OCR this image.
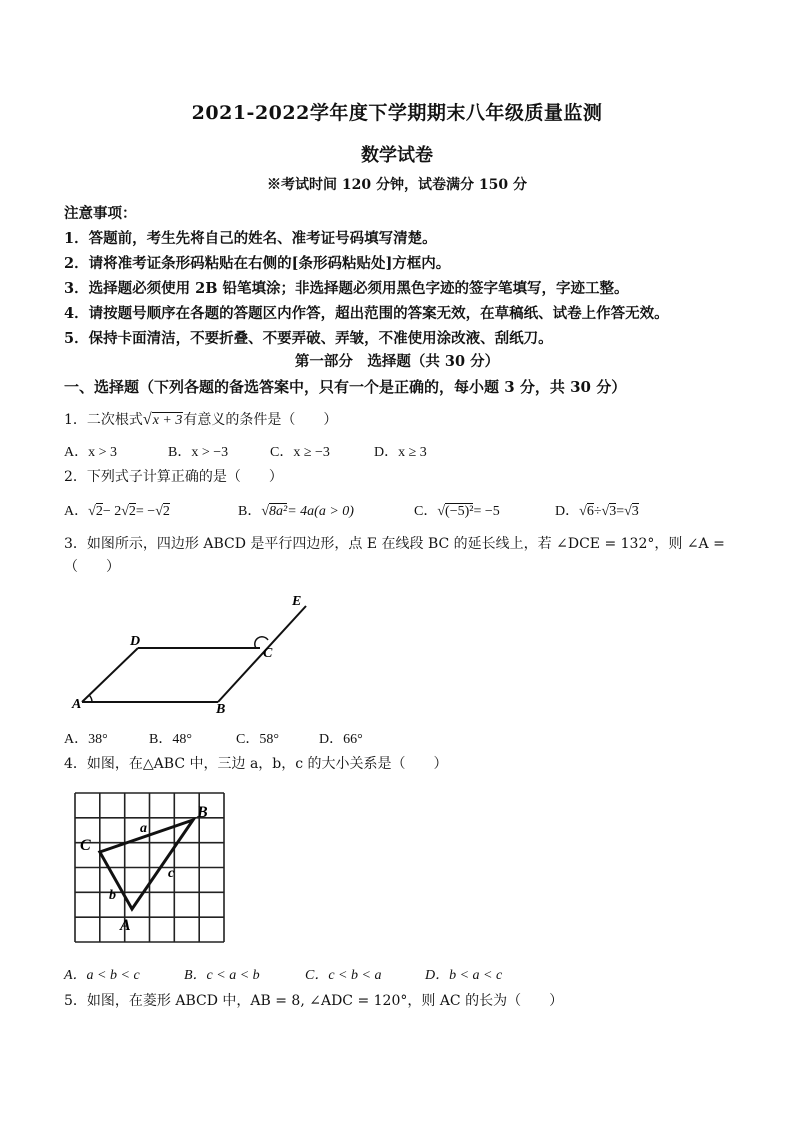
2021-2022学年度下学期期末八年级质量监测
数学试卷
※考试时间 120 分钟，试卷满分 150 分
注意事项：
1．答题前，考生先将自己的姓名、准考证号码填写清楚。
2．请将准考证条形码粘贴在右侧的[条形码粘贴处]方框内。
3．选择题必须使用 2B 铅笔填涂；非选择题必须用黑色字迹的签字笔填写，字迹工整。
4．请按题号顺序在各题的答题区内作答，超出范围的答案无效，在草稿纸、试卷上作答无效。
5．保持卡面清洁，不要折叠、不要弄破、弄皱，不准使用涂改液、刮纸刀。
第一部分　选择题（共 30 分）
一、选择题（下列各题的备选答案中，只有一个是正确的，每小题 3 分，共 30 分）
1．二次根式√x + 3有意义的条件是（　　）
A．x > 3	B．x > −3	C．x ≥ −3	D．x ≥ 3
2．下列式子计算正确的是（　　）
A．√2− 2√2= −√2	B．√8a²= 4a(a > 0)	C．√(−5)²= −5	D．√6÷√3=√3
3．如图所示，四边形 ABCD 是平行四边形，点 E 在线段 BC 的延长线上，若 ∠DCE = 132°，则 ∠A =
（　　）
A	B
C
D
E
A．38°	B．48°	C．58°	D．66°
4．如图，在△ABC 中，三边 a，b，c 的大小关系是（　　）
C
B
A
a
b
c
A．a < b < c	B．c < a < b	C．c < b < a	D．b < a < c
5．如图，在菱形 ABCD 中，AB = 8, ∠ADC = 120°，则 AC 的长为（　　）
